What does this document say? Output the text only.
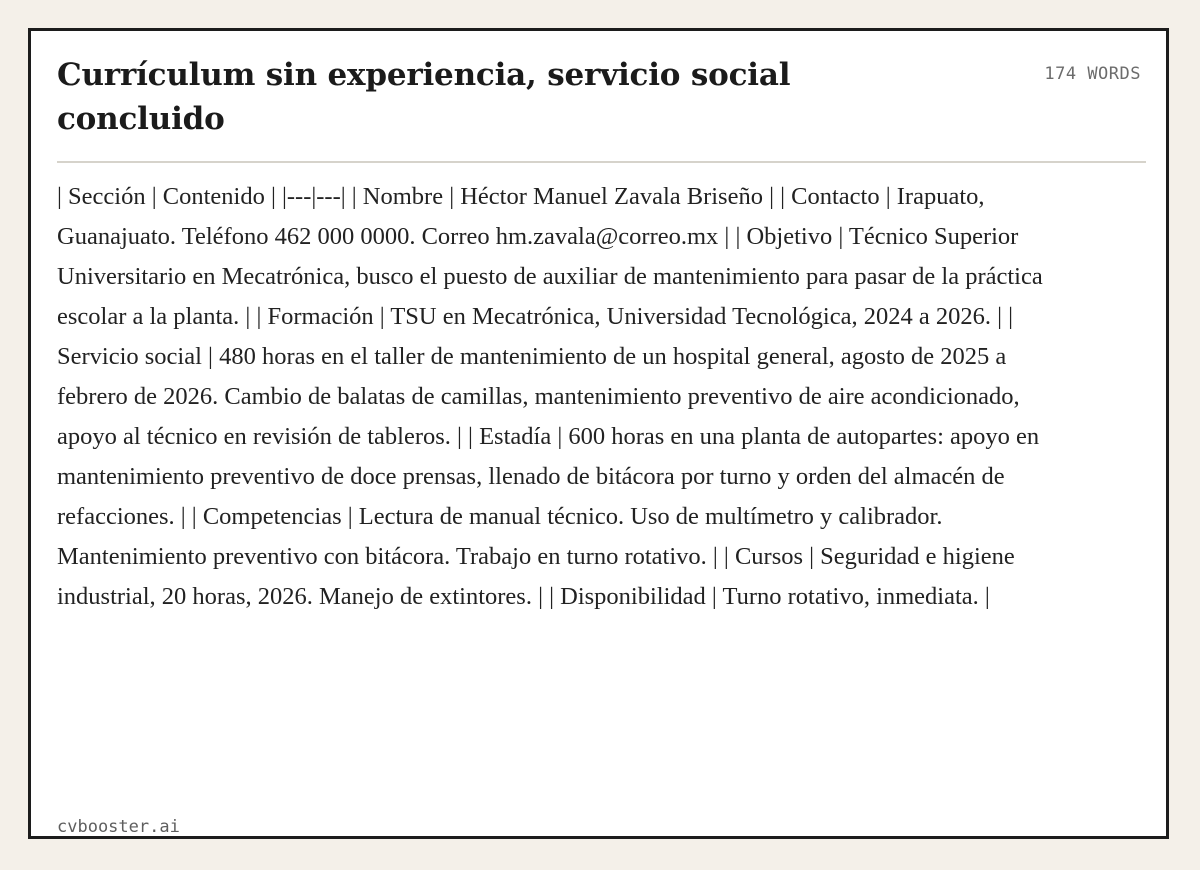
Currículum sin experiencia, servicio social concluido
174 WORDS

| Sección | Contenido | |---|---| | Nombre | Héctor Manuel Zavala Briseño | | Contacto | Irapuato, Guanajuato. Teléfono 462 000 0000. Correo hm.zavala@correo.mx | | Objetivo | Técnico Superior Universitario en Mecatrónica, busco el puesto de auxiliar de mantenimiento para pasar de la práctica escolar a la planta. | | Formación | TSU en Mecatrónica, Universidad Tecnológica, 2024 a 2026. | | Servicio social | 480 horas en el taller de mantenimiento de un hospital general, agosto de 2025 a febrero de 2026. Cambio de balatas de camillas, mantenimiento preventivo de aire acondicionado, apoyo al técnico en revisión de tableros. | | Estadía | 600 horas en una planta de autopartes: apoyo en mantenimiento preventivo de doce prensas, llenado de bitácora por turno y orden del almacén de refacciones. | | Competencias | Lectura de manual técnico. Uso de multímetro y calibrador. Mantenimiento preventivo con bitácora. Trabajo en turno rotativo. | | Cursos | Seguridad e higiene industrial, 20 horas, 2026. Manejo de extintores. | | Disponibilidad | Turno rotativo, inmediata. |

cvbooster.ai
